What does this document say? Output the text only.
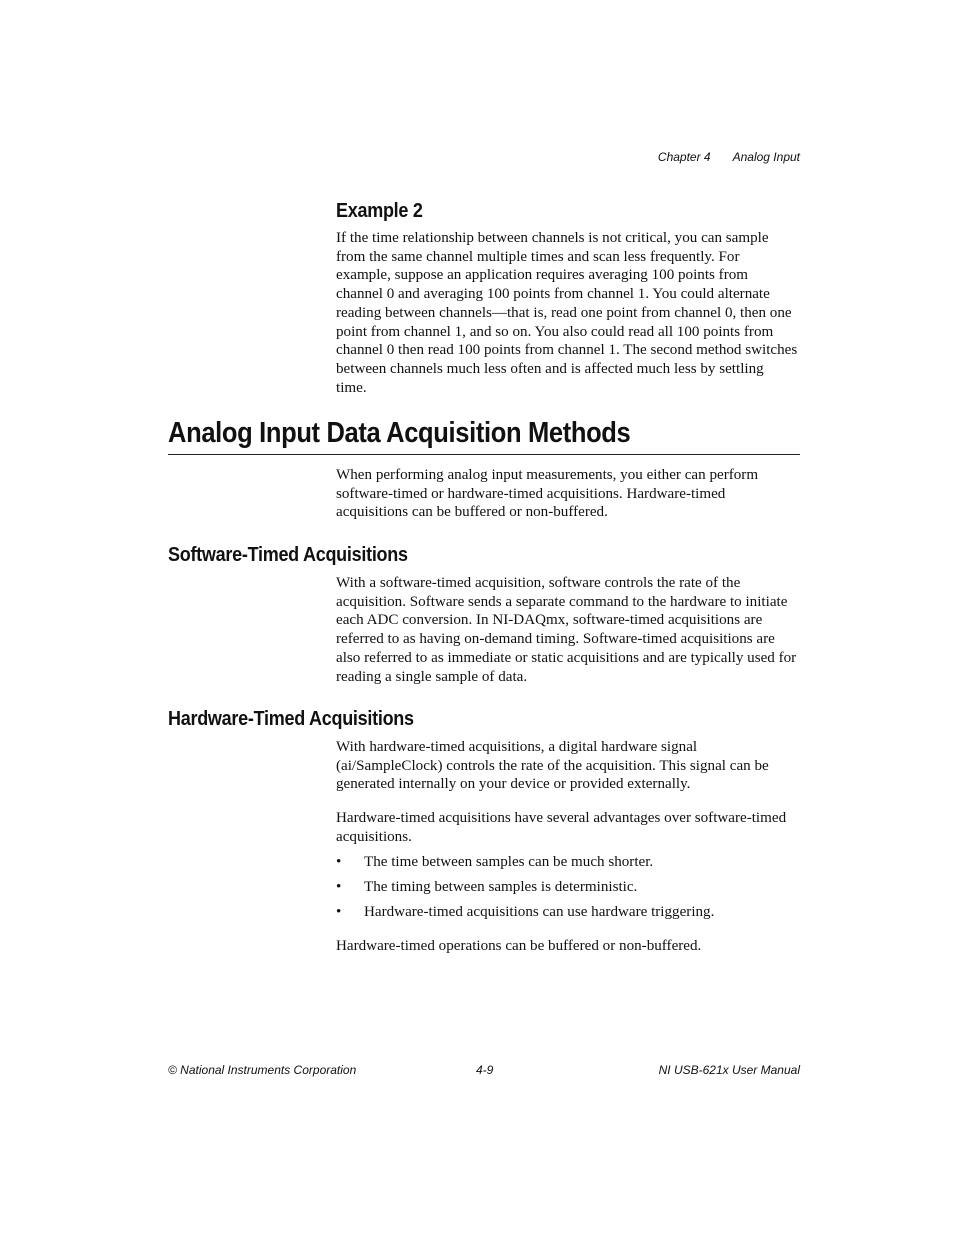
Chapter 4 Analog Input
Example 2

If the time relationship between channels is not critical, you can sample from the same channel multiple times and scan less frequently. For example, suppose an application requires averaging 100 points from channel 0 and averaging 100 points from channel 1. You could alternate reading between channels—that is, read one point from channel 0, then one point from channel 1, and so on. You also could read all 100 points from channel 0 then read 100 points from channel 1. The second method switches between channels much less often and is affected much less by settling time.

Analog Input Data Acquisition Methods

When performing analog input measurements, you either can perform software-timed or hardware-timed acquisitions. Hardware-timed acquisitions can be buffered or non-buffered.

Software-Timed Acquisitions

With a software-timed acquisition, software controls the rate of the acquisition. Software sends a separate command to the hardware to initiate each ADC conversion. In NI-DAQmx, software-timed acquisitions are referred to as having on-demand timing. Software-timed acquisitions are also referred to as immediate or static acquisitions and are typically used for reading a single sample of data.

Hardware-Timed Acquisitions

With hardware-timed acquisitions, a digital hardware signal (ai/SampleClock) controls the rate of the acquisition. This signal can be generated internally on your device or provided externally.

Hardware-timed acquisitions have several advantages over software-timed acquisitions.

• The time between samples can be much shorter.
• The timing between samples is deterministic.
• Hardware-timed acquisitions can use hardware triggering.

Hardware-timed operations can be buffered or non-buffered.

© National Instruments Corporation	4-9	NI USB-621x User Manual
